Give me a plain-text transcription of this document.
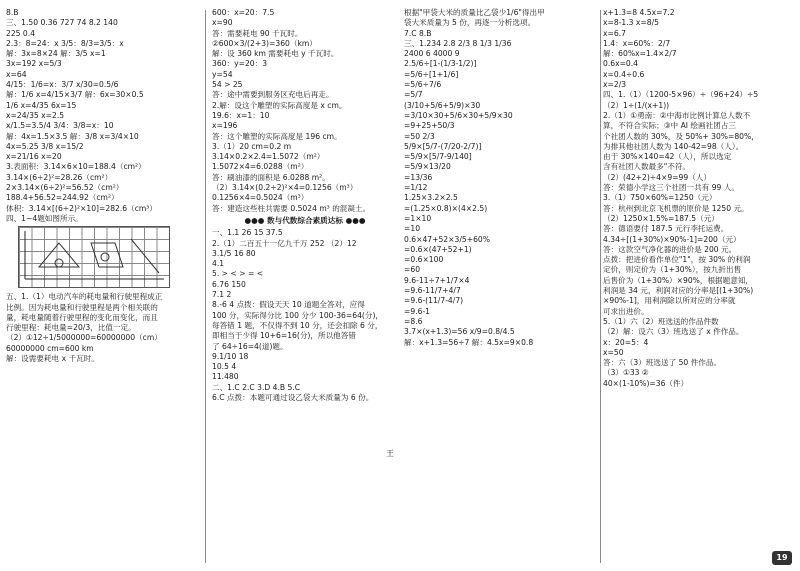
8.B
三、1.50 0.36 727 74 8.2 140
225 0.4
2.3：8=24：x 3/5：8/3=3/5：x
解：3x=8×24 解：3/5 x=1
3x=192 x=5/3
x=64
4/15：1/6=x：3/7 x/30=0.5/6
解：1/6 x=4/15×3/7 解：6x=30×0.5
1/6 x=4/35 6x=15
x=24/35 x=2.5
x/1.5=3.5/4 3/4：3/8=x：10
解：4x=1.5×3.5 解：3/8 x=3/4×10
4x=5.25 3/8 x=15/2
x=21/16 x=20
3.表面积：3.14×6×10=188.4（cm²）
3.14×(6÷2)²=28.26（cm²）
2×3.14×(6÷2)²=56.52（cm²）
188.4+56.52=244.92（cm²）
体积：3.14×[(6÷2)²×10]=282.6（cm³）
四、1~4题如图所示。
五、1.（1）电动汽车的耗电量和行驶里程成正
比例。因为耗电量和行驶里程是两个相关联的
量，耗电量随着行驶里程的变化而变化，而且
行驶里程：耗电量=20/3，比值一定。
（2）①12÷1/5000000=60000000（cm）
60000000 cm=600 km
解：设需要耗电 x 千瓦时。
600：x=20：7.5
x=90
答：需要耗电 90 千瓦时。
②600×3/(2+3)=360（km）
解：设 360 km 需要耗电 y 千瓦时。
360：y=20：3
y=54
54 > 25
答：途中需要到服务区充电后再走。
2.解：设这个雕塑的实际高度是 x cm。
19.6：x=1：10
x=196
答：这个雕塑的实际高度是 196 cm。
3.（1）20 cm=0.2 m
3.14×0.2×2.4=1.5072（m²）
1.5072×4=6.0288（m²）
答：刷油漆的面积是 6.0288 m²。
（2）3.14×(0.2÷2)²×4=0.1256（m³）
0.1256×4=0.5024（m³）
答：建造这些柱共需要 0.5024 m³ 的混凝土。
●●● 数与代数综合素质达标 ●●●
一、1.1 26 15 37.5
2.（1）二百五十一亿九千万 252 （2）12
3.1/5 16 80
4.1
5. > < > = <
6.76 150
7.1 2
8.-6 4 点拨：假设天天 10 道题全答对，应得
100 分，实际得分比 100 分少 100-36=64(分)，
每答错 1 题，不仅得不到 10 分，还会扣除 6 分，
即相当于少得 10+6=16(分)，所以他答错
了 64÷16=4(道)题。
9.1/10 18
10.5 4
11.480
二、1.C 2.C 3.D 4.B 5.C
6.C 点拨：本题可通过设乙袋大米质量为 6 份。
根据"甲袋大米的质量比乙袋少1/6"得出甲
袋大米质量为 5 份，再逐一分析选项。
7.C 8.B
三、1.234 2.8 2/3 8 1/3 1/36
2400 6 4000 9
2.5/6÷[1-(1/3-1/2)]
=5/6÷[1+1/6]
=5/6÷7/6
=5/7
(3/10+5/6+5/9)×30
=3/10×30+5/6×30+5/9×30
=9+25+50/3
=50 2/3
5/9×[5/7-(7/20-2/7)]
=5/9×[5/7-9/140]
=5/9×13/20
=13/36
=1/12
1.25×3.2×2.5
=(1.25×0.8)×(4×2.5)
=1×10
=10
0.6×47+52×3/5+60%
=0.6×(47+52+1)
=0.6×100
=60
9.6-11÷7+1/7×4
=9.6-11/7+4/7
=9.6-(11/7-4/7)
=9.6-1
=8.6
3.7×(x+1.3)=56 x/9=0.8/4.5
解：x+1.3=56÷7 解：4.5x=9×0.8
x+1.3=8 4.5x=7.2
x=8-1.3 x=8/5
x=6.7
1.4：x=60%：2/7
解：60%x=1.4×2/7
0.6x=0.4
x=0.4÷0.6
x=2/3
四、1.（1）（1200-5×96）÷（96+24）÷5
（2）1÷(1/(x+1))
2.（1）①勇南：②中海市比例计算总人数不
算，不符合实际；③中 AI 绘画社团占三
个社团人数的 30%，及 50%+ 30%=80%，
为排其他社团人数为 140-42=98（人）。
由于 30%×140=42（人），所以选定
含有社团人数最多"不符。
（2）(42+2)÷4×9=99（人）
答：荣德小学这三个社团一共有 99 人。
3.（1）750×60%=1250（元）
答：杭州到北京飞机票的原价是 1250 元。
（2）1250×1.5%=187.5（元）
答：德语要付 187.5 元行李托运费。
4.34÷[(1+30%)×90%-1]=200（元）
答：这款空气净化器的进价是 200 元。
点拨：把进价看作单位"1"，按 30% 的利润
定价，则定价为（1+30%），按九折出售
后售价为（1+30%）×90%，根据题意知，
利润是 34 元，利润对应的分率是[(1+30%)
×90%-1]，用利润除以所对应的分率就
可求出进价。
5.（1）六（2）班选送的作品件数
（2）解：设六（3）班选送了 x 件作品。
x：20=5：4
x=50
答：六（3）班选送了 50 件作品。
（3）①33 ②
40×(1-10%)=36（件）
王
19
